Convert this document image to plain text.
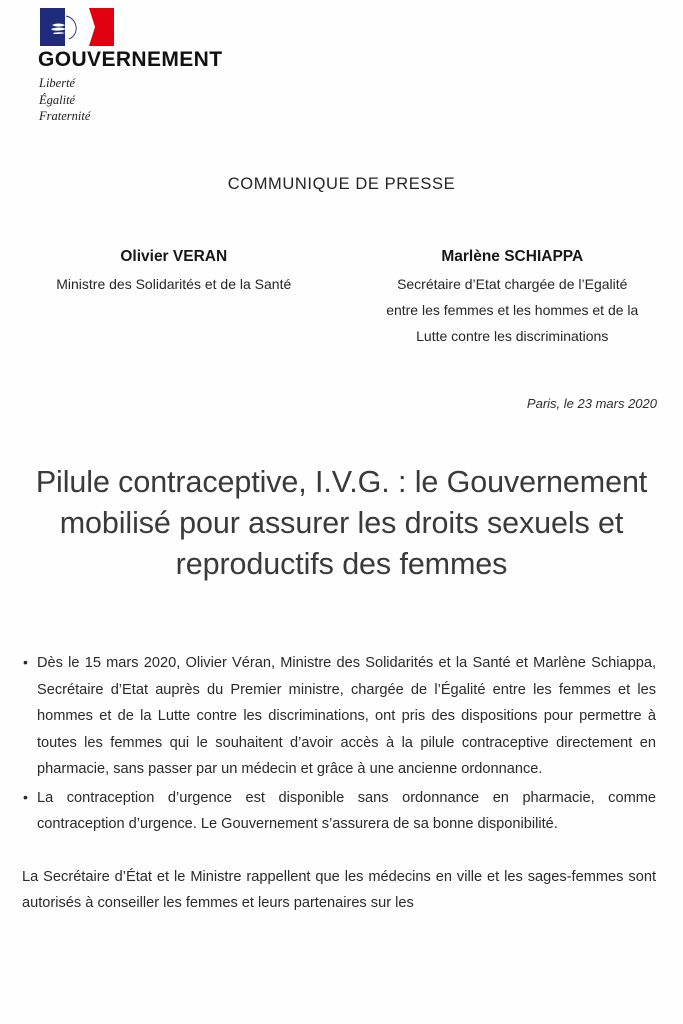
GOUVERNEMENT
Liberté
Égalité
Fraternité
COMMUNIQUE DE PRESSE
Olivier VERAN
Ministre des Solidarités et de la Santé
Marlène SCHIAPPA
Secrétaire d’Etat chargée de l’Egalité
entre les femmes et les hommes et de la
Lutte contre les discriminations
Paris, le 23 mars 2020
Pilule contraceptive, I.V.G. : le Gouvernement
mobilisé pour assurer les droits sexuels et
reproductifs des femmes
• Dès le 15 mars 2020, Olivier Véran, Ministre des Solidarités et la Santé et Marlène Schiappa, Secrétaire d’Etat auprès du Premier ministre, chargée de l’Égalité entre les femmes et les hommes et de la Lutte contre les discriminations, ont pris des dispositions pour permettre à toutes les femmes qui le souhaitent d’avoir accès à la pilule contraceptive directement en pharmacie, sans passer par un médecin et grâce à une ancienne ordonnance.
• La contraception d’urgence est disponible sans ordonnance en pharmacie, comme contraception d’urgence. Le Gouvernement s’assurera de sa bonne disponibilité.

La Secrétaire d’État et le Ministre rappellent que les médecins en ville et les sages-femmes sont autorisés à conseiller les femmes et leurs partenaires sur les
